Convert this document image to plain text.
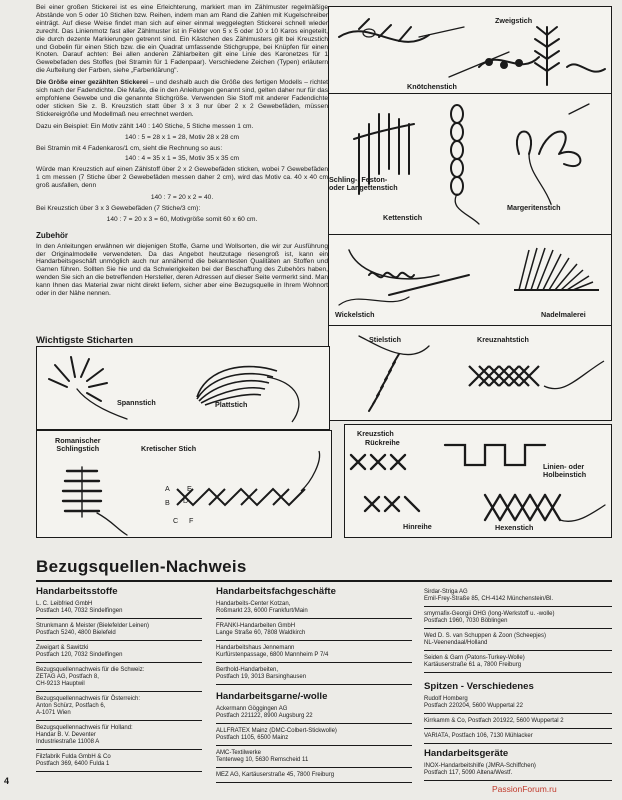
Bei einer großen Stickerei ist es eine Erleichterung, markiert man im Zählmuster regelmäßige Abstände von 5 oder 10 Stichen bzw. Reihen, indem man am Rand die Zahlen mit Kugelschreiber einträgt. Auf diese Weise findet man sich auf einer einmal weggelegten Stickerei schnell wieder zurecht. Das Linienmotz fast aller Zählmuster ist in Felder von 5 x 5 oder 10 x 10 Karos eingeteilt, die durch dezente Markierungen getrennt sind. Ein Kästchen des Zählmusters gilt bei Kreuzstich und Gobelin für einen Stich bzw. die ein Quadrat umfassende Stichgruppe, bei Knüpfen für einen Knoten. Darauf achten: Bei allen anderen Zählarbeiten gilt eine Linie des Karonetzes für 1 Gewebefaden des Stoffes (bei Stramin für 1 Fadenpaar). Verschiedene Zeichen (Typen) erläutern die Aufteilung der Farben, siehe „Farberklärung".

Die Größe einer gezählten Stickerei – und deshalb auch die Größe des fertigen Modells – richtet sich nach der Fadendichte. Die Maße, die in den Anleitungen genannt sind, gelten daher nur für das empfohlene Gewebe und die genannte Stichgröße. Verwenden Sie Stoff mit anderer Fadendichte oder sticken Sie z. B. Kreuzstich statt über 3 x 3 nur über 2 x 2 Gewebefäden, müssen Stickereigröße und Modellmaß neu errechnet werden.

Dazu ein Beispiel: Ein Motiv zählt 140 : 140 Stiche, 5 Stiche messen 1 cm.

140 : 5 = 28 x 1 = 28, Motiv 28 x 28 cm

Bei Stramin mit 4 Fadenkaros/1 cm, sieht die Rechnung so aus:

140 : 4 = 35 x 1 = 35, Motiv 35 x 35 cm

Würde man Kreuzstich auf einen Zählstoff über 2 x 2 Gewebefäden sticken, wobei 7 Gewebefäden 1 cm messen (7 Stiche über 2 Gewebefäden messen daher 2 cm), wird das Motiv ca. 40 x 40 cm groß ausfallen, denn

140 : 7 = 20 x 2 = 40.

Bei Kreuzstich über 3 x 3 Gewebefäden (7 Stiche/3 cm):

140 : 7 = 20 x 3 = 60, Motivgröße somit 60 x 60 cm.

Zubehör

In den Anleitungen erwähnen wir diejenigen Stoffe, Garne und Wollsorten, die wir zur Ausführung der Originalmodelle verwendeten. Da das Angebot heutzutage riesengroß ist, kann ein Handarbeitsgeschäft unmöglich auch nur annähernd die bekanntesten Qualitäten an Stoffen und Garnen führen. Sollten Sie hie und da Schwierigkeiten bei der Beschaffung des Zubehörs haben, wenden Sie sich an die betreffenden Hersteller, deren Adressen auf dieser Seite vermerkt sind. Man kann Ihnen das Material zwar nicht direkt liefern, sicher aber eine Bezugsquelle in Ihrem Wohnort oder in der Nähe nennen.

Wichtigste Sticharten
Zweigstich
Knötchenstich
Schling-, Feston-
oder Langettenstich
Kettenstich
Margeritenstich
Wickelstich	Nadelmalerei
Stielstich	Kreuznahtstich
Kreuzstich
Rückreihe
Linien- oder
Holbeinstich
Hinreihe	Hexenstich
Spannstich	Plattstich
Romanischer
Schlingstich	Kretischer Stich
A
B
C
D
E
F
Bezugsquellen-Nachweis
Handarbeitsstoffe
L. C. Leibfried GmbH
Postfach 140, 7032 Sindelfingen
Strunkmann & Meister (Bielefelder Leinen)
Postfach 5240, 4800 Bielefeld
Zweigart & Sawitzki
Postfach 120, 7032 Sindelfingen
Bezugsquellennachweis für die Schweiz:
ZETAG AG, Postfach 8,
CH-9213 Hauptwil
Bezugsquellennachweis für Österreich:
Anton Schürz, Postfach 6,
A-1071 Wien
Bezugsquellennachweis für Holland:
Handar B. V. Deventer
Industriestraße 11008 A
Filzfabrik Fulda GmbH & Co
Postfach 369, 6400 Fulda 1
Handarbeitsfachgeschäfte
Handarbeits-Center Kotzan,
Roßmarkt 23, 6000 Frankfurt/Main
FRANKI-Handarbeiten GmbH
Lange Straße 60, 7808 Waldkirch
Handarbeitshaus Jennemann
Kurfürstenpassage, 6800 Mannheim P 7/4
Berthold-Handarbeiten,
Postfach 19, 3013 Barsinghausen
Handarbeitsgarne/-wolle
Ackermann Göggingen AG
Postfach 221122, 8900 Augsburg 22
ALLFRATEX Mainz (DMC-Colbert-Stickwolle)
Postfach 1105, 6500 Mainz
AMC-Textilwerke
Tenterweg 10, 5630 Remscheid 11
MEZ AG, Kartäuserstraße 45, 7800 Freiburg
Sirdar-Striga AG
Emil-Frey-Straße 85, CH-4142 Münchenstein/Bl.
smyrnafix-Georgii OHG (long-Werkstoff u. -wolle)
Postfach 1960, 7030 Böblingen
Wed D. S. van Schuppen & Zoon (Scheepjes)
NL-Veenendaal/Holland
Seiden & Garn (Patons-Turkey-Wolle)
Kartäuserstraße 61 a, 7800 Freiburg
Spitzen - Verschiedenes
Rudolf Homberg
Postfach 220204, 5600 Wuppertal 22
Kirrkamm & Co, Postfach 201922, 5600 Wuppertal 2
VARIATA, Postfach 106, 7130 Mühlacker
Handarbeitsgeräte
INOX-Handarbeitshilfe (JMRA-Schiffchen)
Postfach 117, 5090 Altena/Westf.
4
PassionForum.ru
